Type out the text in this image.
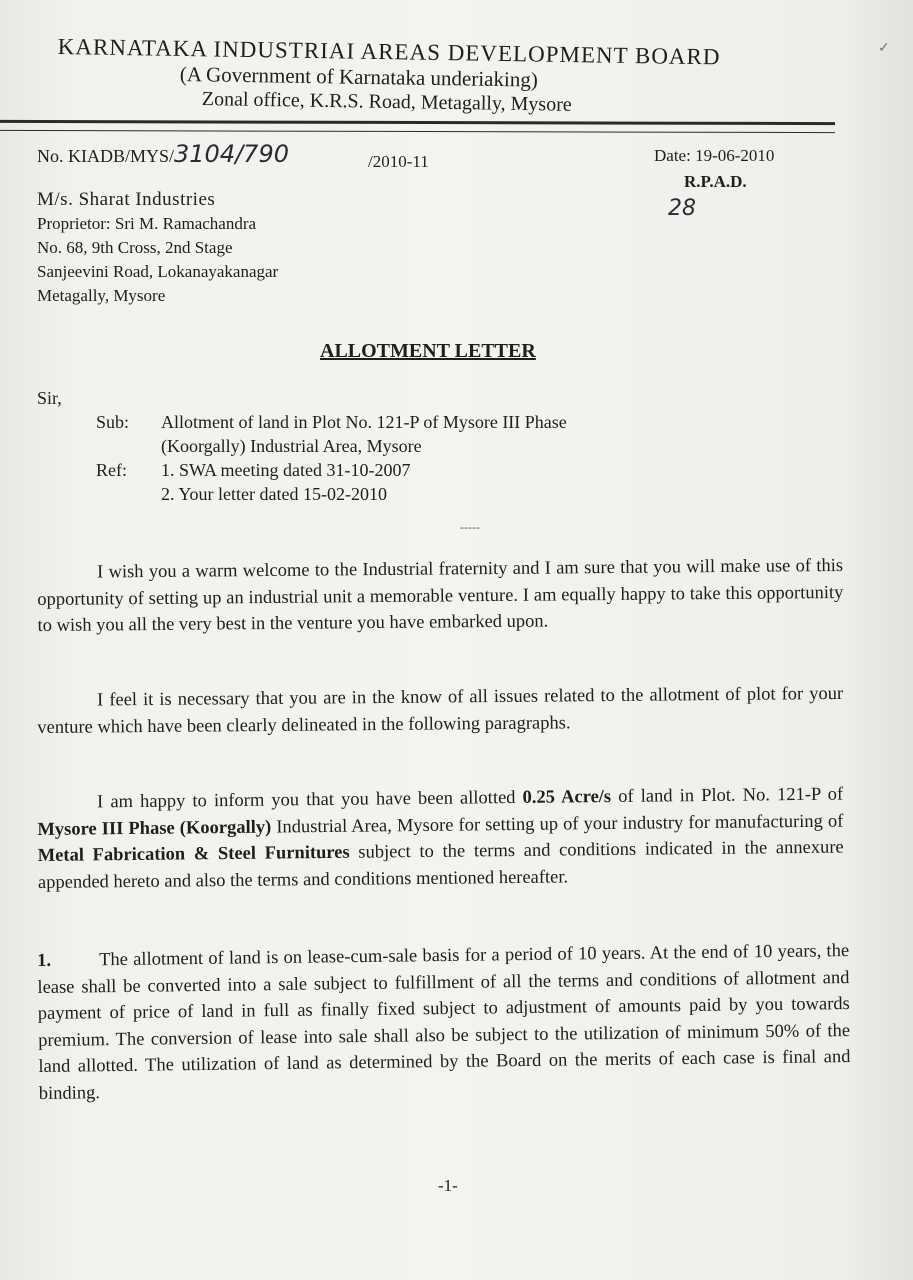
KARNATAKA INDUSTRIAI AREAS DEVELOPMENT BOARD
(A Government of Karnataka underiaking)
Zonal office, K.R.S. Road, Metagally, Mysore
✓
No. KIADB/MYS/3104/790	/2010-11	Date: 19-06-2010
R.P.A.D.
28
M/s. Sharat Industries
Proprietor: Sri M. Ramachandra
No. 68, 9th Cross, 2nd Stage
Sanjeevini Road, Lokanayakanagar
Metagally, Mysore
ALLOTMENT LETTER
Sir,
Sub: Allotment of land in Plot No. 121-P of Mysore III Phase
(Koorgally) Industrial Area, Mysore
Ref: 1. SWA meeting dated 31-10-2007
2. Your letter dated 15-02-2010
-----
I wish you a warm welcome to the Industrial fraternity and I am sure that you will make use of this opportunity of setting up an industrial unit a memorable venture. I am equally happy to take this opportunity to wish you all the very best in the venture you have embarked upon.
I feel it is necessary that you are in the know of all issues related to the allotment of plot for your venture which have been clearly delineated in the following paragraphs.
I am happy to inform you that you have been allotted 0.25 Acre/s of land in Plot. No. 121-P of Mysore III Phase (Koorgally) Industrial Area, Mysore for setting up of your industry for manufacturing of Metal Fabrication & Steel Furnitures subject to the terms and conditions indicated in the annexure appended hereto and also the terms and conditions mentioned hereafter.
1.	The allotment of land is on lease-cum-sale basis for a period of 10 years. At the end of 10 years, the lease shall be converted into a sale subject to fulfillment of all the terms and conditions of allotment and payment of price of land in full as finally fixed subject to adjustment of amounts paid by you towards premium. The conversion of lease into sale shall also be subject to the utilization of minimum 50% of the land allotted. The utilization of land as determined by the Board on the merits of each case is final and binding.
-1-
